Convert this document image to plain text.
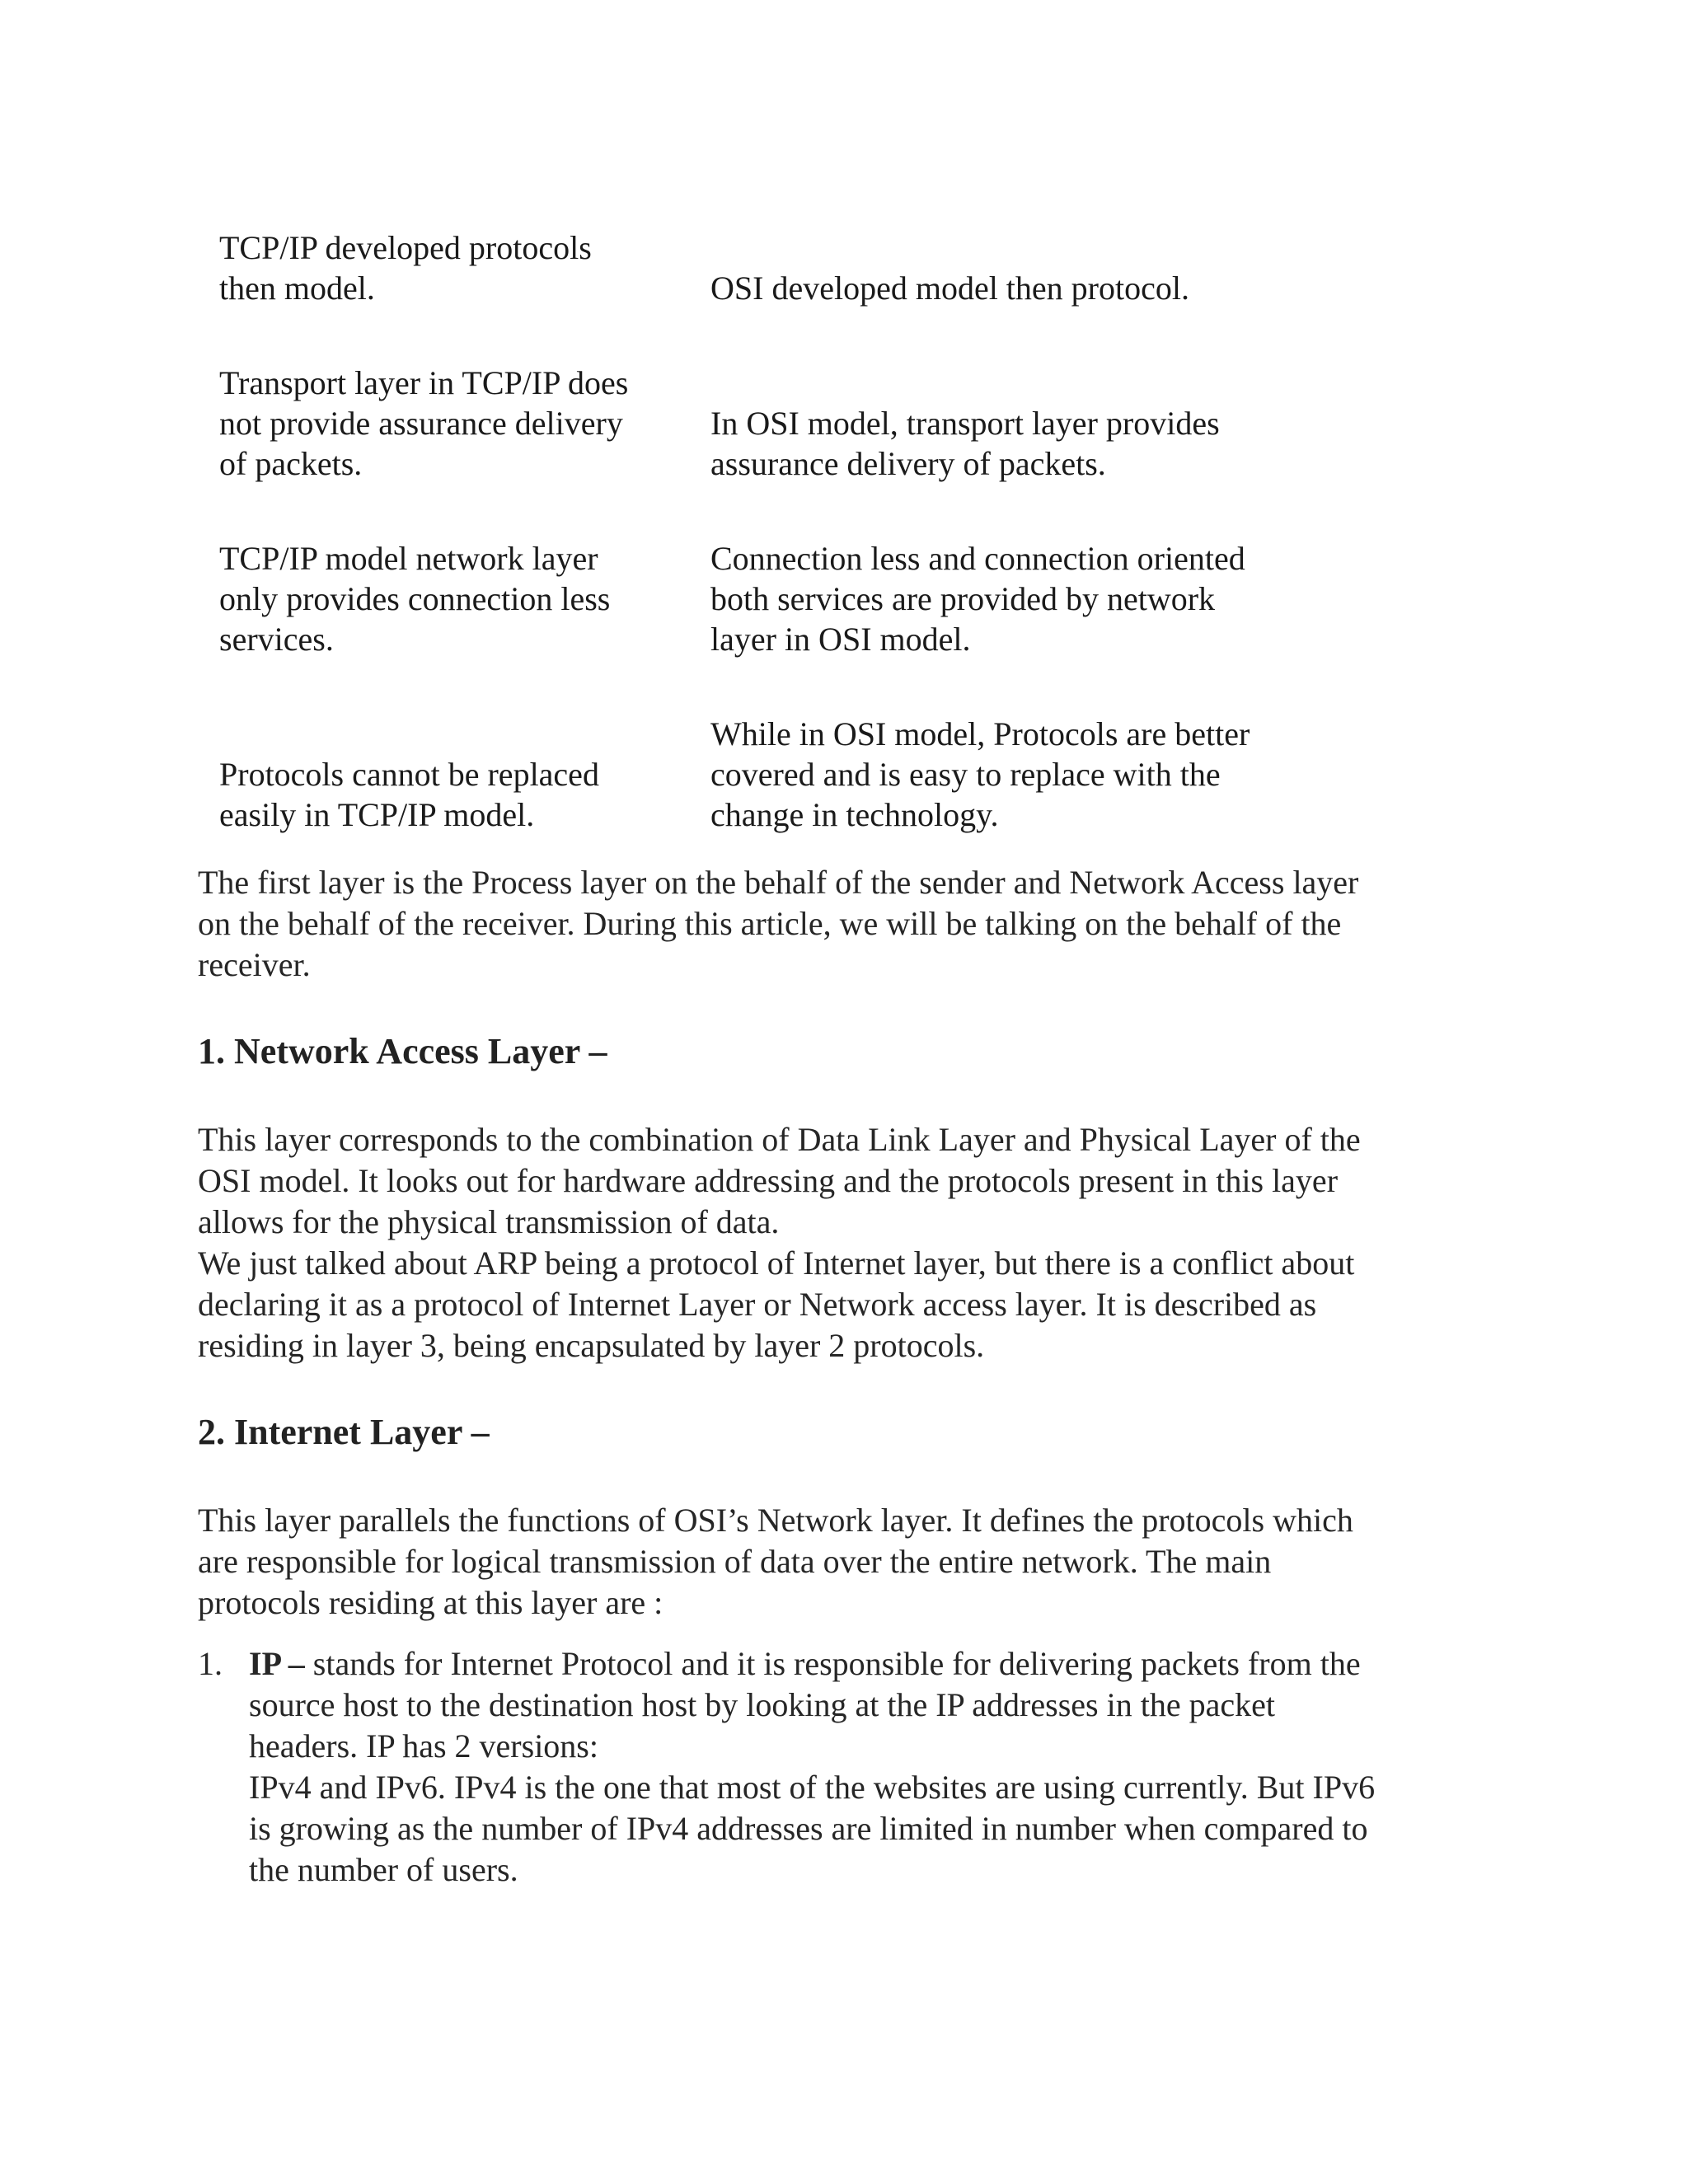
TCP/IP developed protocols
then model.	OSI developed model then protocol.
Transport layer in TCP/IP does
not provide assurance delivery
of packets.
In OSI model, transport layer provides
assurance delivery of packets.
TCP/IP model network layer
only provides connection less
services.
Connection less and connection oriented
both services are provided by network
layer in OSI model.
Protocols cannot be replaced
easily in TCP/IP model.
While in OSI model, Protocols are better
covered and is easy to replace with the
change in technology.

The first layer is the Process layer on the behalf of the sender and Network Access layer
on the behalf of the receiver. During this article, we will be talking on the behalf of the
receiver.

1. Network Access Layer –

This layer corresponds to the combination of Data Link Layer and Physical Layer of the
OSI model. It looks out for hardware addressing and the protocols present in this layer
allows for the physical transmission of data.

We just talked about ARP being a protocol of Internet layer, but there is a conflict about
declaring it as a protocol of Internet Layer or Network access layer. It is described as
residing in layer 3, being encapsulated by layer 2 protocols.

2. Internet Layer –

This layer parallels the functions of OSI’s Network layer. It defines the protocols which
are responsible for logical transmission of data over the entire network. The main
protocols residing at this layer are :

1. IP – stands for Internet Protocol and it is responsible for delivering packets from the
source host to the destination host by looking at the IP addresses in the packet
headers. IP has 2 versions:
IPv4 and IPv6. IPv4 is the one that most of the websites are using currently. But IPv6
is growing as the number of IPv4 addresses are limited in number when compared to
the number of users.
